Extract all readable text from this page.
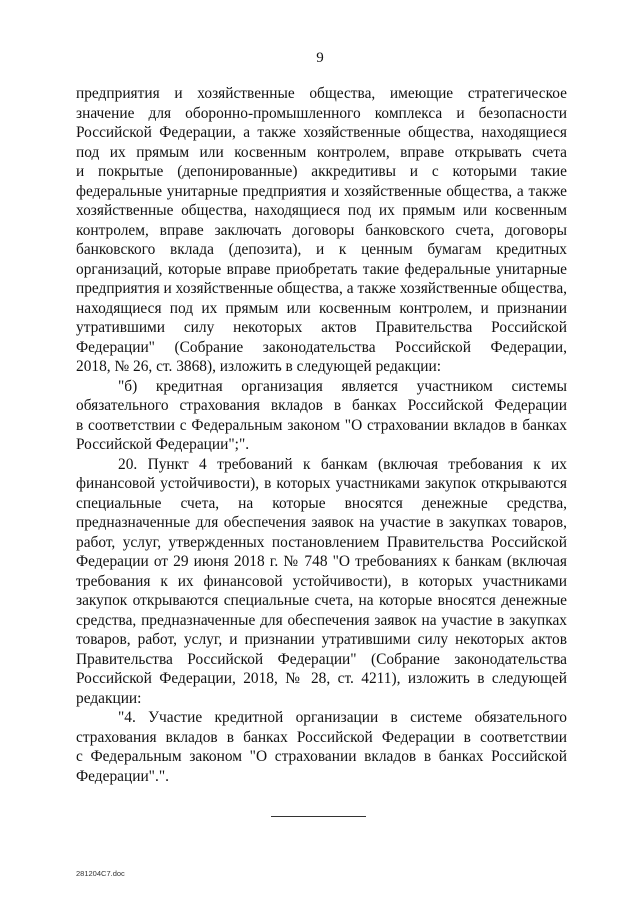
9
предприятия и хозяйственные общества, имеющие стратегическое
значение для оборонно-промышленного комплекса и безопасности
Российской Федерации, а также хозяйственные общества, находящиеся
под их прямым или косвенным контролем, вправе открывать счета
и покрытые (депонированные) аккредитивы и с которыми такие
федеральные унитарные предприятия и хозяйственные общества, а также
хозяйственные общества, находящиеся под их прямым или косвенным
контролем, вправе заключать договоры банковского счета, договоры
банковского вклада (депозита), и к ценным бумагам кредитных
организаций, которые вправе приобретать такие федеральные унитарные
предприятия и хозяйственные общества, а также хозяйственные общества,
находящиеся под их прямым или косвенным контролем, и признании
утратившими силу некоторых актов Правительства Российской
Федерации" (Собрание законодательства Российской Федерации,
2018, № 26, ст. 3868), изложить в следующей редакции:
"б) кредитная организация является участником системы
обязательного страхования вкладов в банках Российской Федерации
в соответствии с Федеральным законом "О страховании вкладов в банках
Российской Федерации";".
20. Пункт 4 требований к банкам (включая требования к их
финансовой устойчивости), в которых участниками закупок открываются
специальные счета, на которые вносятся денежные средства,
предназначенные для обеспечения заявок на участие в закупках товаров,
работ, услуг, утвержденных постановлением Правительства Российской
Федерации от 29 июня 2018 г. № 748 "О требованиях к банкам (включая
требования к их финансовой устойчивости), в которых участниками
закупок открываются специальные счета, на которые вносятся денежные
средства, предназначенные для обеспечения заявок на участие в закупках
товаров, работ, услуг, и признании утратившими силу некоторых актов
Правительства Российской Федерации" (Собрание законодательства
Российской Федерации, 2018, № 28, ст. 4211), изложить в следующей
редакции:
"4. Участие кредитной организации в системе обязательного
страхования вкладов в банках Российской Федерации в соответствии
с Федеральным законом "О страховании вкладов в банках Российской
Федерации".".
281204C7.doc
